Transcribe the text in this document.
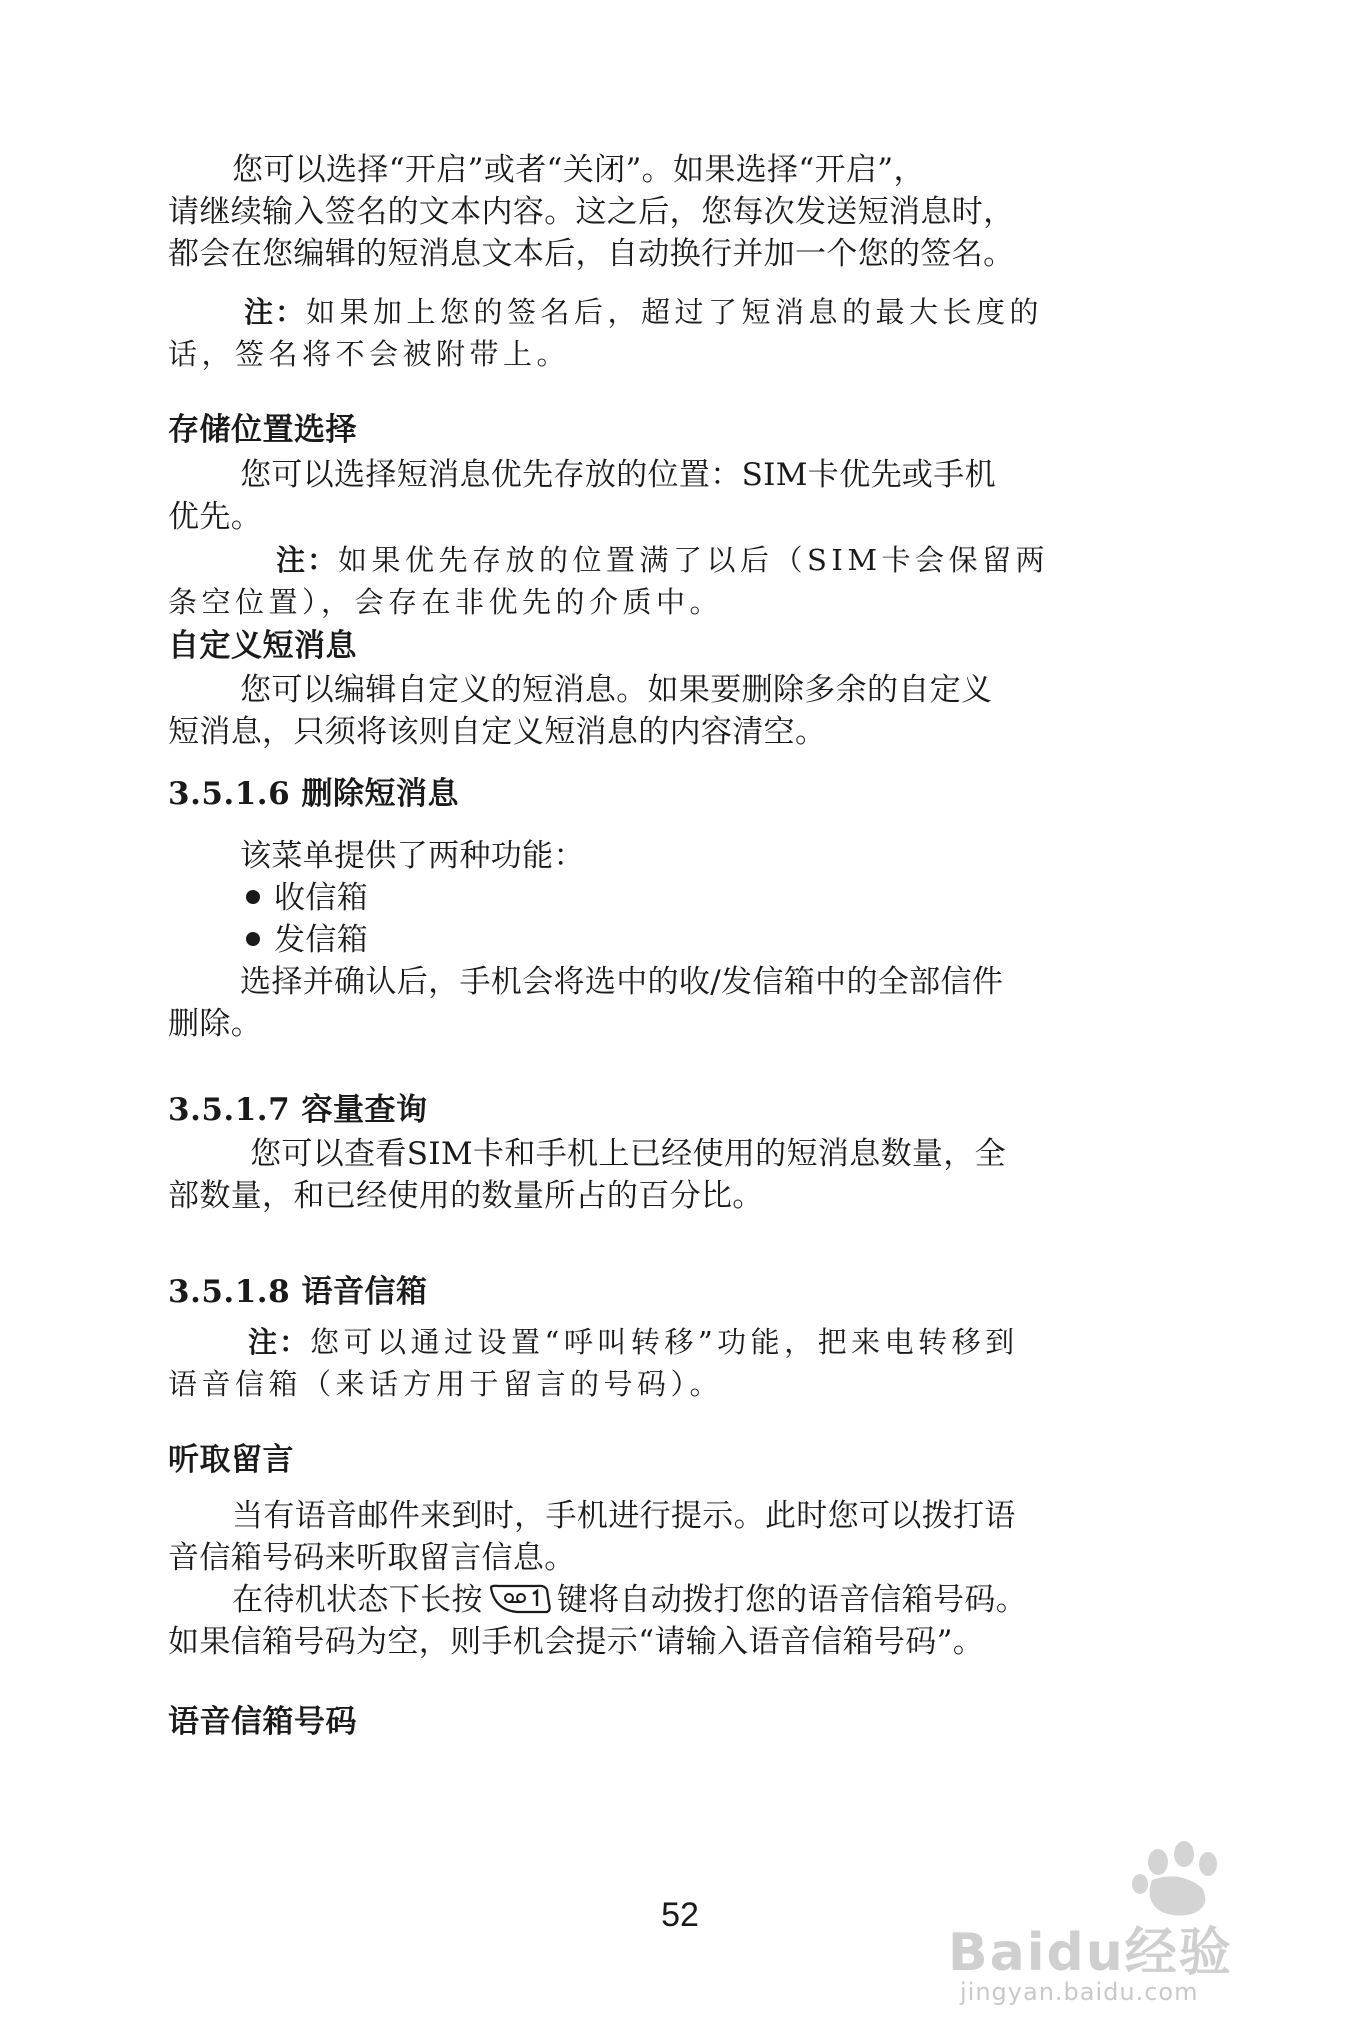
您可以选择“开启”或者“关闭”。如果选择“开启”，
请继续输入签名的文本内容。这之后，您每次发送短消息时，
都会在您编辑的短消息文本后，自动换行并加一个您的签名。
注：如果加上您的签名后，超过了短消息的最大长度的
话，签名将不会被附带上。
存储位置选择
您可以选择短消息优先存放的位置：SIM卡优先或手机
优先。
注：如果优先存放的位置满了以后（SIM卡会保留两
条空位置），会存在非优先的介质中。
自定义短消息
您可以编辑自定义的短消息。如果要删除多余的自定义
短消息，只须将该则自定义短消息的内容清空。
3.5.1.6 删除短消息
该菜单提供了两种功能：
收信箱
发信箱
选择并确认后，手机会将选中的收/发信箱中的全部信件
删除。
3.5.1.7 容量查询
您可以查看SIM卡和手机上已经使用的短消息数量，全
部数量，和已经使用的数量所占的百分比。
3.5.1.8 语音信箱
注：您可以通过设置“呼叫转移”功能，把来电转移到
语音信箱（来话方用于留言的号码）。
听取留言
当有语音邮件来到时，手机进行提示。此时您可以拨打语
音信箱号码来听取留言信息。
在待机状态下长按 键将自动拨打您的语音信箱号码。
如果信箱号码为空，则手机会提示“请输入语音信箱号码”。
语音信箱号码
52
Baidu经验
jingyan.baidu.com
